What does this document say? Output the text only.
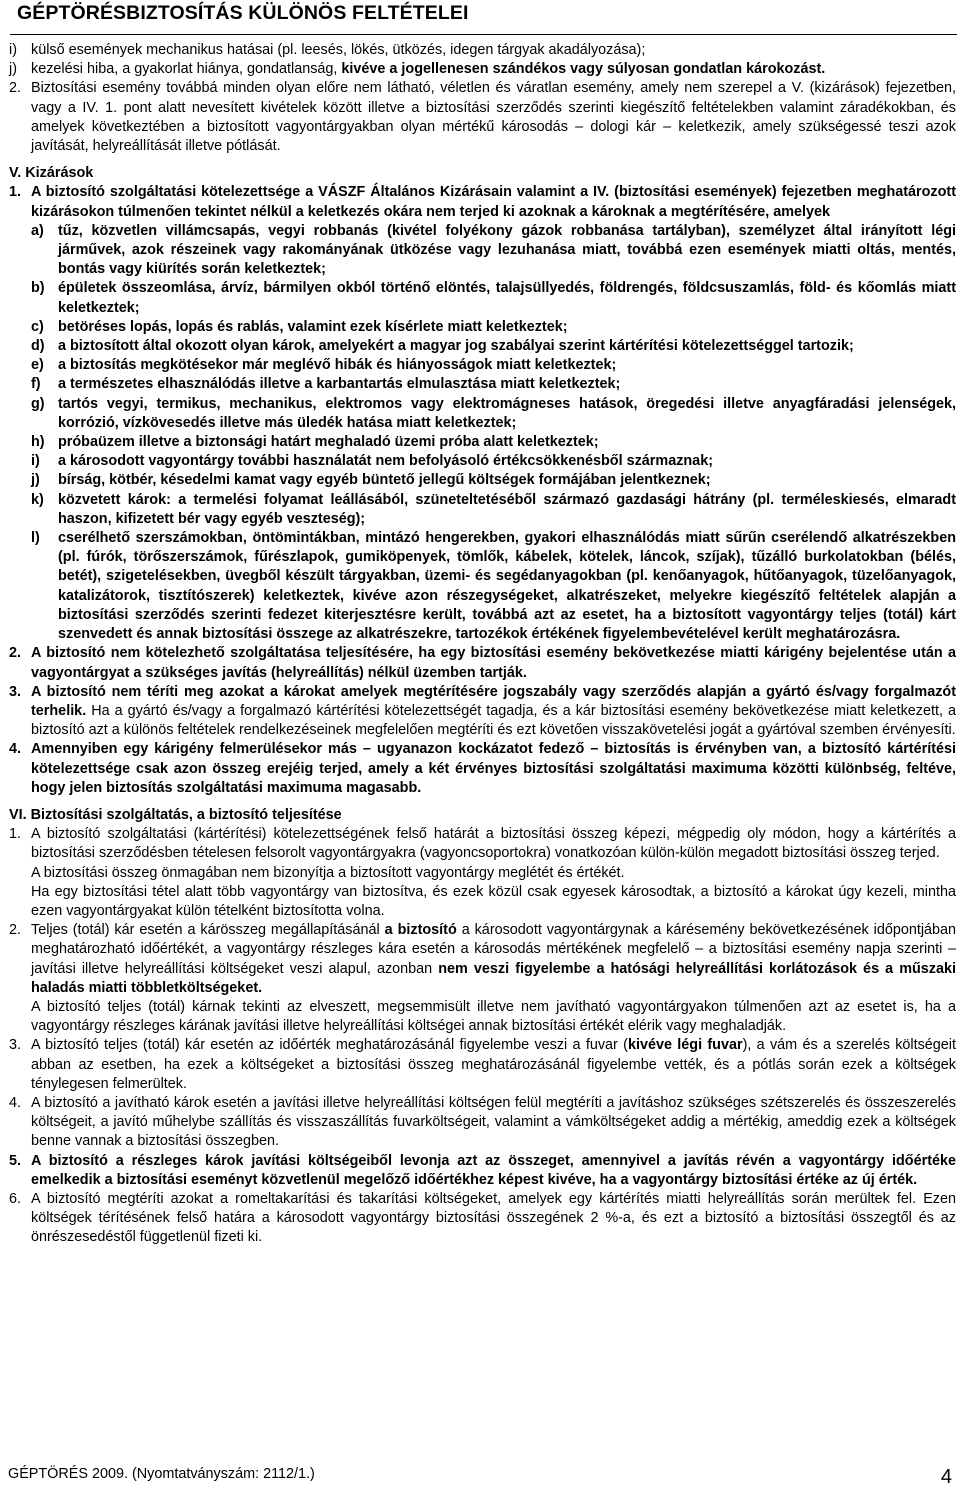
GÉPTÖRÉSBIZTOSÍTÁS KÜLÖNÖS FELTÉTELEI
i) külső események mechanikus hatásai (pl. leesés, lökés, ütközés, idegen tárgyak akadályozása);
j) kezelési hiba, a gyakorlat hiánya, gondatlanság, kivéve a jogellenesen szándékos vagy súlyosan gondatlan károkozást.
2. Biztosítási esemény továbbá minden olyan előre nem látható, véletlen és váratlan esemény, amely nem szerepel a V. (kizárások) fejezetben, vagy a IV. 1. pont alatt nevesített kivételek között illetve a biztosítási szerződés szerinti kiegészítő feltételekben valamint záradékokban, és amelyek következtében a biztosított vagyontárgyakban olyan mértékű károsodás – dologi kár – keletkezik, amely szükségessé teszi azok javítását, helyreállítását illetve pótlását.

V. Kizárások

1. A biztosító szolgáltatási kötelezettsége a VÁSZF Általános Kizárásain valamint a IV. (biztosítási események) fejezetben meghatározott kizárásokon túlmenően tekintet nélkül a keletkezés okára nem terjed ki azoknak a károknak a megtérítésére, amelyek
a) tűz, közvetlen villámcsapás, vegyi robbanás (kivétel folyékony gázok robbanása tartályban), személyzet által irányított légi járművek, azok részeinek vagy rakományának ütközése vagy lezuhanása miatt, továbbá ezen események miatti oltás, mentés, bontás vagy kiürítés során keletkeztek;
b) épületek összeomlása, árvíz, bármilyen okból történő elöntés, talajsüllyedés, földrengés, földcsuszamlás, föld- és kőomlás miatt keletkeztek;
c) betöréses lopás, lopás és rablás, valamint ezek kísérlete miatt keletkeztek;
d) a biztosított által okozott olyan károk, amelyekért a magyar jog szabályai szerint kártérítési kötelezettséggel tartozik;
e) a biztosítás megkötésekor már meglévő hibák és hiányosságok miatt keletkeztek;
f)	a természetes elhasználódás illetve a karbantartás elmulasztása miatt keletkeztek;
g) tartós vegyi, termikus, mechanikus, elektromos vagy elektromágneses hatások, öregedési illetve anyagfáradási jelenségek, korrózió, vízkövesedés illetve más üledék hatása miatt keletkeztek;
h) próbaüzem illetve a biztonsági határt meghaladó üzemi próba alatt keletkeztek;
i)	a károsodott vagyontárgy további használatát nem befolyásoló értékcsökkenésből származnak;
j)	bírság, kötbér, késedelmi kamat vagy egyéb büntető jellegű költségek formájában jelentkeznek;
k) közvetett károk: a termelési folyamat leállásából, szüneteltetéséből származó gazdasági hátrány (pl. terméleskiesés, elmaradt haszon, kifizetett bér vagy egyéb veszteség);
l)	cserélhető szerszámokban, öntömintákban, mintázó hengerekben, gyakori elhasználódás miatt sűrűn cserélendő alkatrészekben (pl. fúrók, törőszerszámok, fűrészlapok, gumiköpenyek, tömlők, kábelek, kötelek, láncok, szíjak), tűzálló burkolatokban (bélés, betét), szigetelésekben, üvegből készült tárgyakban, üzemi- és segédanyagokban (pl. kenőanyagok, hűtőanyagok, tüzelőanyagok, katalizátorok, tisztítószerek) keletkeztek, kivéve azon részegységeket, alkatrészeket, melyekre kiegészítő feltételek alapján a biztosítási szerződés szerinti fedezet kiterjesztésre került, továbbá azt az esetet, ha a biztosított vagyontárgy teljes (totál) kárt szenvedett és annak biztosítási összege az alkatrészekre, tartozékok értékének figyelembevételével került meghatározásra.
2. A biztosító nem kötelezhető szolgáltatása teljesítésére, ha egy biztosítási esemény bekövetkezése miatti kárigény bejelentése után a vagyontárgyat a szükséges javítás (helyreállítás) nélkül üzemben tartják.
3. A biztosító nem téríti meg azokat a károkat amelyek megtérítésére jogszabály vagy szerződés alapján a gyártó és/vagy forgalmazót terhelik. Ha a gyártó és/vagy a forgalmazó kártérítési kötelezettségét tagadja, és a kár biztosítási esemény bekövetkezése miatt keletkezett, a biztosító azt a különös feltételek rendelkezéseinek megfelelően megtéríti és ezt követően visszakövetelési jogát a gyártóval szemben érvényesíti.
4. Amennyiben egy kárigény felmerülésekor más – ugyanazon kockázatot fedező – biztosítás is érvényben van, a biztosító kártérítési kötelezettsége csak azon összeg erejéig terjed, amely a két érvényes biztosítási szolgáltatási maximuma közötti különbség, feltéve, hogy jelen biztosítás szolgáltatási maximuma magasabb.

VI. Biztosítási szolgáltatás, a biztosító teljesítése

1. A biztosító szolgáltatási (kártérítési) kötelezettségének felső határát a biztosítási összeg képezi, mégpedig oly módon, hogy a kártérítés a biztosítási szerződésben tételesen felsorolt vagyontárgyakra (vagyoncsoportokra) vonatkozóan külön-külön megadott biztosítási összeg terjed.
A biztosítási összeg önmagában nem bizonyítja a biztosított vagyontárgy meglétét és értékét.
Ha egy biztosítási tétel alatt több vagyontárgy van biztosítva, és ezek közül csak egyesek károsodtak, a biztosító a károkat úgy kezeli, mintha ezen vagyontárgyakat külön tételként biztosította volna.
2. Teljes (totál) kár esetén a kárösszeg megállapításánál a biztosító a károsodott vagyontárgynak a kárésemény bekövetkezésének időpontjában meghatározható időértékét, a vagyontárgy részleges kára esetén a károsodás mértékének megfelelő – a biztosítási esemény napja szerinti – javítási illetve helyreállítási költségeket veszi alapul, azonban nem veszi figyelembe a hatósági helyreállítási korlátozások és a műszaki haladás miatti többletköltségeket.
A biztosító teljes (totál) kárnak tekinti az elveszett, megsemmisült illetve nem javítható vagyontárgyakon túlmenően azt az esetet is, ha a vagyontárgy részleges kárának javítási illetve helyreállítási költségei annak biztosítási értékét elérik vagy meghaladják.
3. A biztosító teljes (totál) kár esetén az időérték meghatározásánál figyelembe veszi a fuvar (kivéve légi fuvar), a vám és a szerelés költségeit abban az esetben, ha ezek a költségeket a biztosítási összeg meghatározásánál figyelembe vették, és a pótlás során ezek a költségek ténylegesen felmerültek.
4. A biztosító a javítható károk esetén a javítási illetve helyreállítási költségen felül megtéríti a javításhoz szükséges szétszerelés és összeszerelés költségeit, a javító műhelybe szállítás és visszaszállítás fuvarköltségeit, valamint a vámköltségeket addig a mértékig, ameddig ezek a költségek benne vannak a biztosítási összegben.
5. A biztosító a részleges károk javítási költségeiből levonja azt az összeget, amennyivel a javítás révén a vagyontárgy időértéke emelkedik a biztosítási eseményt közvetlenül megelőző időértékhez képest kivéve, ha a vagyontárgy biztosítási értéke az új érték.
6. A biztosító megtéríti azokat a romeltakarítási és takarítási költségeket, amelyek egy kártérítés miatti helyreállítás során merültek fel. Ezen költségek térítésének felső határa a károsodott vagyontárgy biztosítási összegének 2 %-a, és ezt a biztosító a biztosítási összegtől és az önrészesedéstől függetlenül fizeti ki.
GÉPTÖRÉS 2009. (Nyomtatványszám: 2112/1.)	4
